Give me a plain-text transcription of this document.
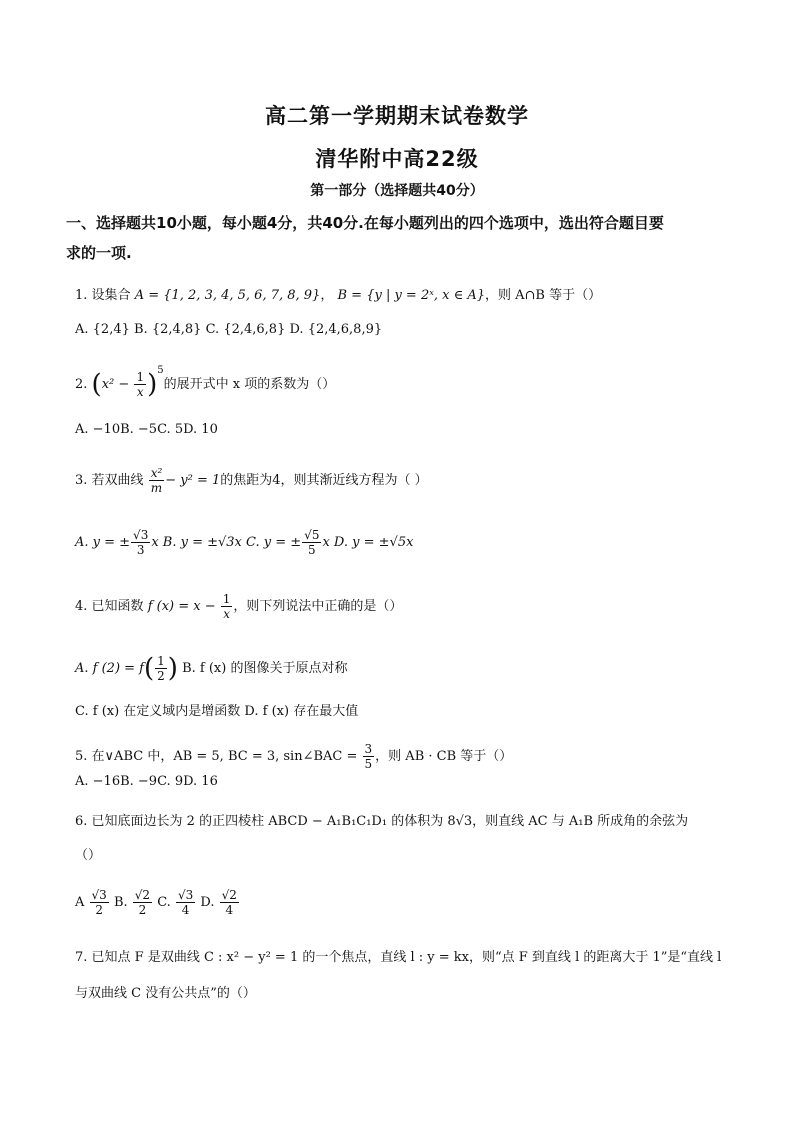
高二第一学期期末试卷数学
清华附中高22级
第一部分（选择题共40分）
一、选择题共10小题，每小题4分，共40分.在每小题列出的四个选项中，选出符合题目要
求的一项.
1. 设集合 A = {1, 2, 3, 4, 5, 6, 7, 8, 9}， B = {y | y = 2ˣ, x ∈ A}，则 A∩B 等于（）
A. {2,4} B. {2,4,8} C. {2,4,6,8} D. {2,4,6,8,9}
2. $(x^2 - \frac{1}{x} )^5$的展开式中 x 项的系数为（）
A. −10B. −5C. 5D. 10
3. 若双曲线 $\frac{\text{x²}}{m} - y^2 = 1$的焦距为4，则其渐近线方程为（ ）
A. y = ± $\frac{√3}{3}$ x B. y = ±√3x C. y = ± $\frac{√5}{5}$ x D. y = ±√5x
4. 已知函数 f $(x) = x - \frac{1}{x}$ ，则下列说法中正确的是（）
A. f $(2) = f( \frac{1}{2}$ ) B. f (x) 的图像关于原点对称
C. f (x) 在定义域内是增函数 D. f (x) 存在最大值
5. 在∨ABC 中，AB = 5, BC = 3, sin∠BAC = $\frac{3}{5}$ ，则 AB · CB 等于（）
A. −16B. −9C. 9D. 16
6. 已知底面边长为 2 的正四棱柱 ABCD − A₁B₁C₁D₁ 的体积为 8√3，则直线 AC 与 A₁B 所成角的余弦为
（）
A $\frac{√3}{2} B$. $\frac{√2}{2} C$. $\frac{√3}{4} D$. $\frac{√2}{4}$
7. 已知点 F 是双曲线 C : x² − y² = 1 的一个焦点，直线 l : y = kx，则“点 F 到直线 l 的距离大于 1”是“直线 l
与双曲线 C 没有公共点”的（）
